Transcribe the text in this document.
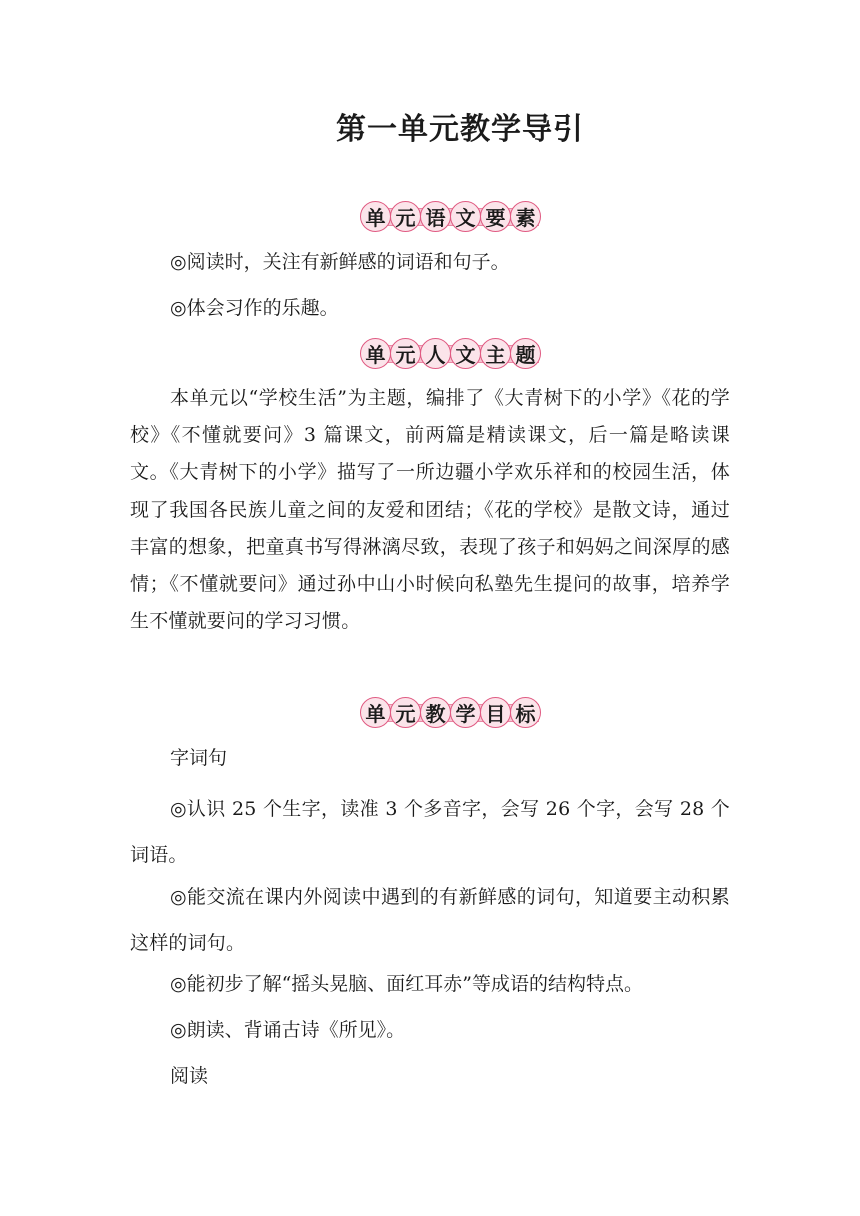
第一单元教学导引
单 元 语 文 要 素
◎阅读时，关注有新鲜感的词语和句子。
◎体会习作的乐趣。
单 元 人 文 主 题
本单元以“学校生活”为主题，编排了《大青树下的小学》《花的学校》《不懂就要问》3 篇课文，前两篇是精读课文，后一篇是略读课文。《大青树下的小学》描写了一所边疆小学欢乐祥和的校园生活，体现了我国各民族儿童之间的友爱和团结；《花的学校》是散文诗，通过丰富的想象，把童真书写得淋漓尽致，表现了孩子和妈妈之间深厚的感情；《不懂就要问》通过孙中山小时候向私塾先生提问的故事，培养学生不懂就要问的学习习惯。
单 元 教 学 目 标
字词句
◎认识 25 个生字，读准 3 个多音字，会写 26 个字，会写 28 个词语。
◎能交流在课内外阅读中遇到的有新鲜感的词句，知道要主动积累这样的词句。
◎能初步了解“摇头晃脑、面红耳赤”等成语的结构特点。
◎朗读、背诵古诗《所见》。
阅读
